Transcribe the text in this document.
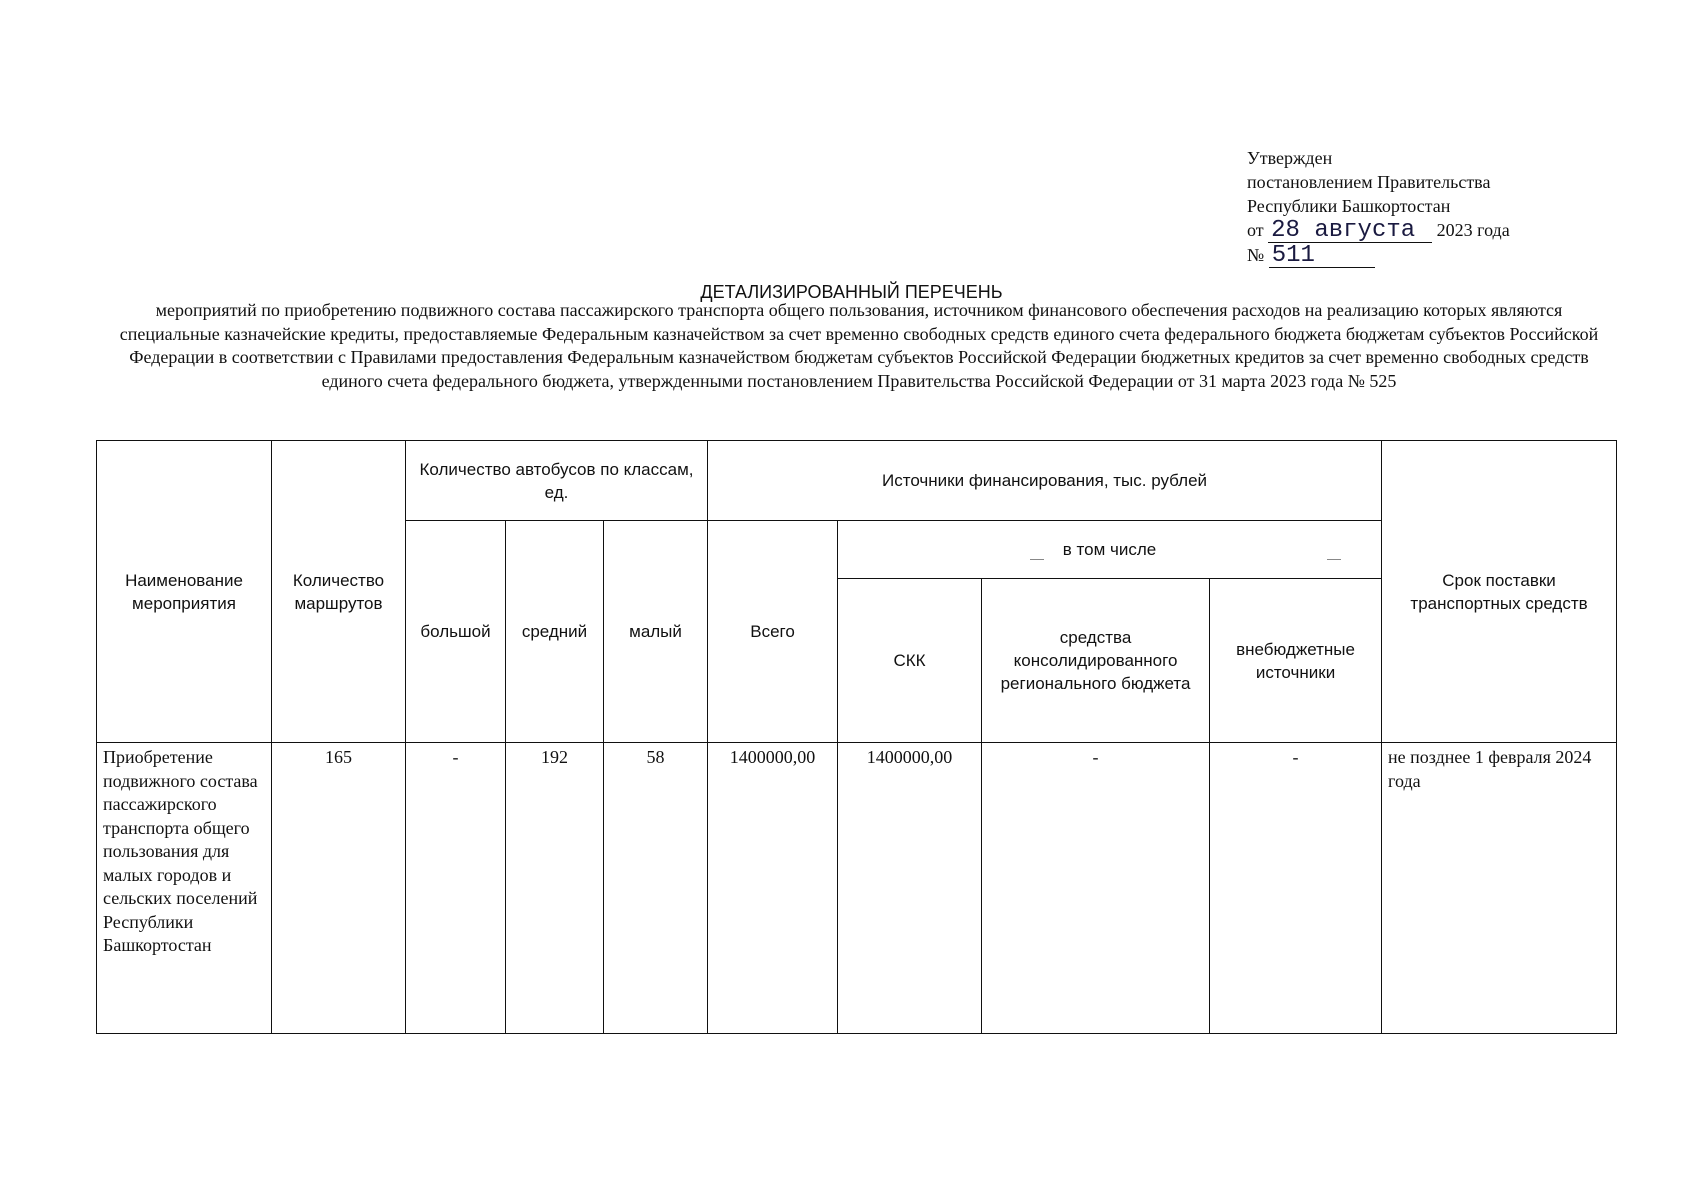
Утвержден
постановлением Правительства
Республики Башкортостан
от 28 августа 2023 года
№ 511
ДЕТАЛИЗИРОВАННЫЙ ПЕРЕЧЕНЬ
мероприятий по приобретению подвижного состава пассажирского транспорта общего пользования, источником финансового обеспечения расходов на реализацию которых являются специальные казначейские кредиты, предоставляемые Федеральным казначейством за счет временно свободных средств единого счета федерального бюджета бюджетам субъектов Российской Федерации в соответствии с Правилами предоставления Федеральным казначейством бюджетам субъектов Российской Федерации бюджетных кредитов за счет временно свободных средств единого счета федерального бюджета, утвержденными постановлением Правительства Российской Федерации от 31 марта 2023 года № 525
Наименование мероприятия	Количество маршрутов	Количество автобусов по классам, ед.			Источники финансирования, тыс. рублей				Срок поставки транспортных средств
		большой	средний	малый	Всего	в том числе			

						СКК	средства консолидированного регионального бюджета	внебюджетные источники	
Приобретение подвижного состава пассажирского транспорта общего пользования для малых городов и сельских поселений Республики Башкортостан	165	-	192	58	1400000,00	1400000,00	-	-	не позднее 1 февраля 2024 года
